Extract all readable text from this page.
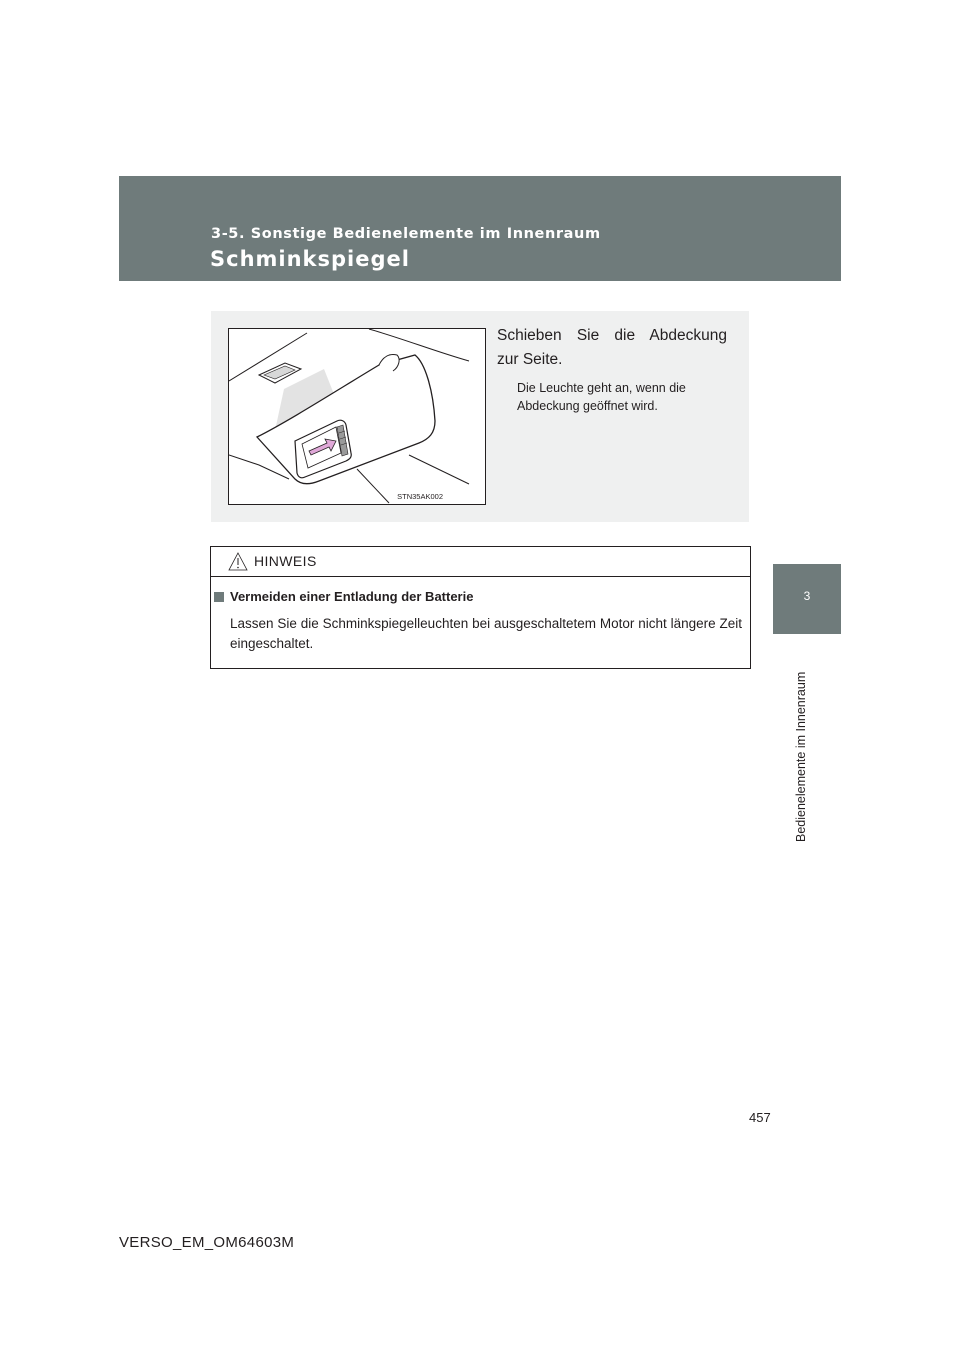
3-5. Sonstige Bedienelemente im Innenraum
Schminkspiegel
3
Bedienelemente im Innenraum
STN35AK002
Schieben Sie die Abdeckung
zur Seite.
Die Leuchte geht an, wenn die Abdeckung geöffnet wird.
HINWEIS
Vermeiden einer Entladung der Batterie
Lassen Sie die Schminkspiegelleuchten bei ausgeschaltetem Motor nicht längere Zeit eingeschaltet.
457
VERSO_EM_OM64603M
